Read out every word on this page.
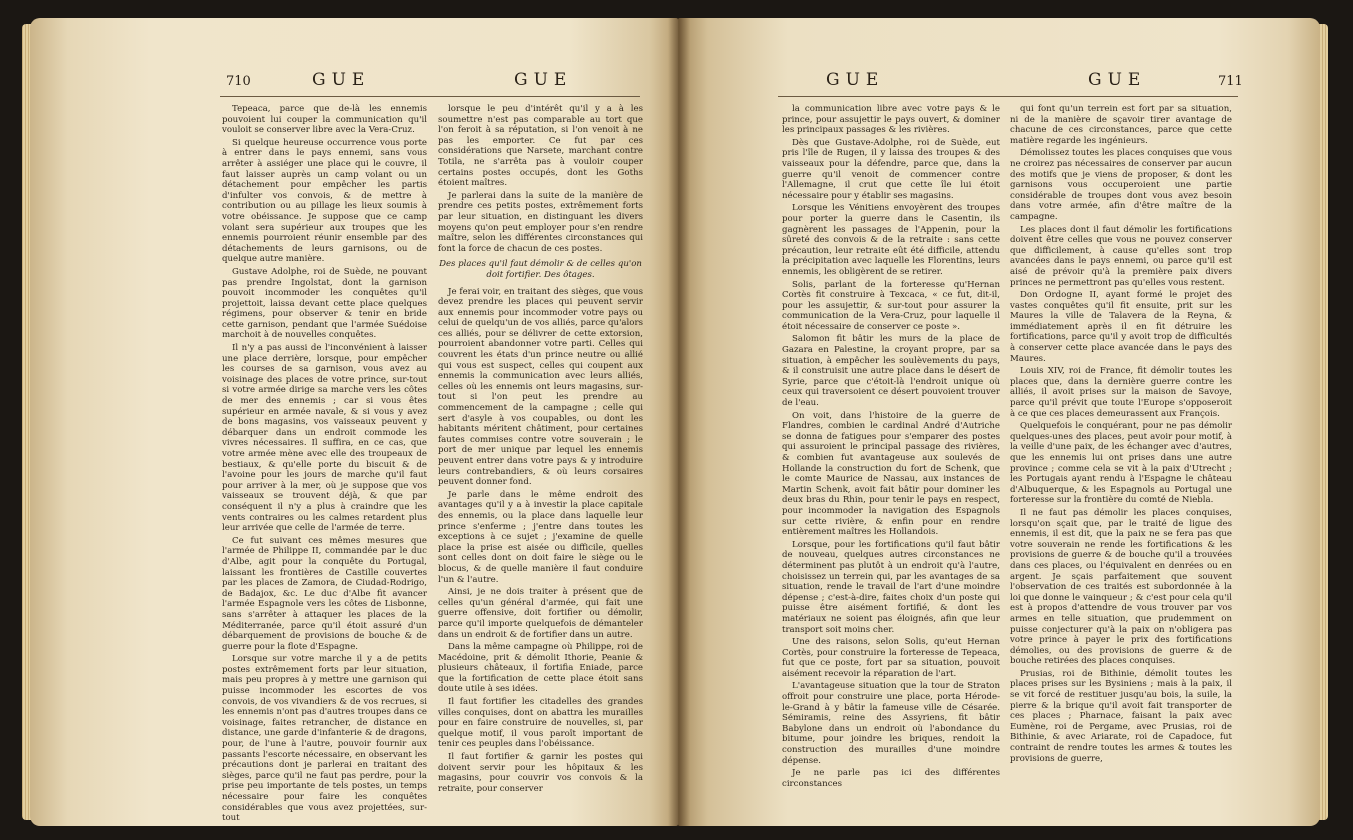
710	GUE	GUE

Tepeaca, parce que de-là les ennemis pouvoient lui couper la communication qu'il vouloit se conserver libre avec la Vera-Cruz.

Si quelque heureuse occurrence vous porte à entrer dans le pays ennemi, sans vous arrêter à assiéger une place qui le couvre, il faut laisser auprès un camp volant ou un détachement pour empêcher les partis d'infulter vos convois, & de mettre à contribution ou au pillage les lieux soumis à votre obéissance. Je suppose que ce camp volant sera supérieur aux troupes que les ennemis pourroient réunir ensemble par des détachements de leurs garnisons, ou de quelque autre manière.

Gustave Adolphe, roi de Suède, ne pouvant pas prendre Ingolstat, dont la garnison pouvoit incommoder les conquêtes qu'il projettoit, laissa devant cette place quelques régimens, pour observer & tenir en bride cette garnison, pendant que l'armée Suédoise marchoit à de nouvelles conquêtes.

Il n'y a pas aussi de l'inconvénient à laisser une place derrière, lorsque, pour empêcher les courses de sa garnison, vous avez au voisinage des places de votre prince, sur-tout si votre armée dirige sa marche vers les côtes de mer des ennemis ; car si vous êtes supérieur en armée navale, & si vous y avez de bons magasins, vos vaisseaux peuvent y débarquer dans un endroit commode les vivres nécessaires. Il suffira, en ce cas, que votre armée mène avec elle des troupeaux de bestiaux, & qu'elle porte du biscuit & de l'avoine pour les jours de marche qu'il faut pour arriver à la mer, où je suppose que vos vaisseaux se trouvent déjà, & que par conséquent il n'y a plus à craindre que les vents contraires ou les calmes retardent plus leur arrivée que celle de l'armée de terre.

Ce fut suivant ces mêmes mesures que l'armée de Philippe II, commandée par le duc d'Albe, agit pour la conquête du Portugal, laissant les frontières de Castille couvertes par les places de Zamora, de Ciudad-Rodrigo, de Badajox, &c. Le duc d'Albe fit avancer l'armée Espagnole vers les côtes de Lisbonne, sans s'arrêter à attaquer les places de la Méditerranée, parce qu'il étoit assuré d'un débarquement de provisions de bouche & de guerre pour la flote d'Espagne.

Lorsque sur votre marche il y a de petits postes extrêmement forts par leur situation, mais peu propres à y mettre une garnison qui puisse incommoder les escortes de vos convois, de vos vivandiers & de vos recrues, si les ennemis n'ont pas d'autres troupes dans ce voisinage, faites retrancher, de distance en distance, une garde d'infanterie & de dragons, pour, de l'une à l'autre, pouvoir fournir aux passants l'escorte nécessaire, en observant les précautions dont je parlerai en traitant des sièges, parce qu'il ne faut pas perdre, pour la prise peu importante de tels postes, un temps nécessaire pour faire les conquêtes considérables que vous avez projettées, sur-tout

lorsque le peu d'intérêt qu'il y a à les soumettre n'est pas comparable au tort que l'on feroit à sa réputation, si l'on venoit à ne pas les emporter. Ce fut par ces considérations que Narsete, marchant contre Totila, ne s'arrêta pas à vouloir couper certains postes occupés, dont les Goths étoient maîtres.

Je parlerai dans la suite de la manière de prendre ces petits postes, extrêmement forts par leur situation, en distinguant les divers moyens qu'on peut employer pour s'en rendre maître, selon les différentes circonstances qui font la force de chacun de ces postes.

Des places qu'il faut démolir & de celles qu'on doit fortifier. Des ôtages.

Je ferai voir, en traitant des sièges, que vous devez prendre les places qui peuvent servir aux ennemis pour incommoder votre pays ou celui de quelqu'un de vos alliés, parce qu'alors ces alliés, pour se délivrer de cette extorsion, pourroient abandonner votre parti. Celles qui couvrent les états d'un prince neutre ou allié qui vous est suspect, celles qui coupent aux ennemis la communication avec leurs alliés, celles où les ennemis ont leurs magasins, sur-tout si l'on peut les prendre au commencement de la campagne ; celle qui sert d'asyle à vos coupables, ou dont les habitants méritent châtiment, pour certaines fautes commises contre votre souverain ; le port de mer unique par lequel les ennemis peuvent entrer dans votre pays & y introduire leurs contrebandiers, & où leurs corsaires peuvent donner fond.

Je parle dans le même endroit des avantages qu'il y a à investir la place capitale des ennemis, ou la place dans laquelle leur prince s'enferme ; j'entre dans toutes les exceptions à ce sujet ; j'examine de quelle place la prise est aisée ou difficile, quelles sont celles dont on doit faire le siège ou le blocus, & de quelle manière il faut conduire l'un & l'autre.

Ainsi, je ne dois traiter à présent que de celles qu'un général d'armée, qui fait une guerre offensive, doit fortifier ou démolir, parce qu'il importe quelquefois de démanteler dans un endroit & de fortifier dans un autre.

Dans la même campagne où Philippe, roi de Macédoine, prit & démolit Ithorie, Peanie & plusieurs châteaux, il fortifia Eniade, parce que la fortification de cette place étoit sans doute utile à ses idées.

Il faut fortifier les citadelles des grandes villes conquises, dont on abattra les murailles pour en faire construire de nouvelles, si, par quelque motif, il vous paroît important de tenir ces peuples dans l'obéissance.

Il faut fortifier & garnir les postes qui doivent servir pour les hôpitaux & les magasins, pour couvrir vos convois & la retraite, pour conserver

GUE	GUE	711

la communication libre avec votre pays & le prince, pour assujettir le pays ouvert, & dominer les principaux passages & les rivières.

Dès que Gustave-Adolphe, roi de Suède, eut pris l'île de Rugen, il y laissa des troupes & des vaisseaux pour la défendre, parce que, dans la guerre qu'il venoit de commencer contre l'Allemagne, il crut que cette île lui étoit nécessaire pour y établir ses magasins.

Lorsque les Vénitiens envoyèrent des troupes pour porter la guerre dans le Casentin, ils gagnèrent les passages de l'Appenin, pour la sûreté des convois & de la retraite : sans cette précaution, leur retraite eût été difficile, attendu la précipitation avec laquelle les Florentins, leurs ennemis, les obligèrent de se retirer.

Solis, parlant de la forteresse qu'Hernan Cortès fit construire à Texcaca, « ce fut, dit-il, pour les assujettir, & sur-tout pour assurer la communication de la Vera-Cruz, pour laquelle il étoit nécessaire de conserver ce poste ».

Salomon fit bâtir les murs de la place de Gazara en Palestine, la croyant propre, par sa situation, à empêcher les soulèvements du pays, & il construisit une autre place dans le désert de Syrie, parce que c'étoit-là l'endroit unique où ceux qui traversoient ce désert pouvoient trouver de l'eau.

On voit, dans l'histoire de la guerre de Flandres, combien le cardinal André d'Autriche se donna de fatigues pour s'emparer des postes qui assuroient le principal passage des rivières, & combien fut avantageuse aux soulevés de Hollande la construction du fort de Schenk, que le comte Maurice de Nassau, aux instances de Martin Schenk, avoit fait bâtir pour dominer les deux bras du Rhin, pour tenir le pays en respect, pour incommoder la navigation des Espagnols sur cette rivière, & enfin pour en rendre entièrement maîtres les Hollandois.

Lorsque, pour les fortifications qu'il faut bâtir de nouveau, quelques autres circonstances ne déterminent pas plutôt à un endroit qu'à l'autre, choisissez un terrein qui, par les avantages de sa situation, rende le travail de l'art d'une moindre dépense ; c'est-à-dire, faites choix d'un poste qui puisse être aisément fortifié, & dont les matériaux ne soient pas éloignés, afin que leur transport soit moins cher.

Une des raisons, selon Solis, qu'eut Hernan Cortès, pour construire la forteresse de Tepeaca, fut que ce poste, fort par sa situation, pouvoit aisément recevoir la réparation de l'art.

L'avantageuse situation que la tour de Straton offroit pour construire une place, porta Hérode-le-Grand à y bâtir la fameuse ville de Césarée. Sémiramis, reine des Assyriens, fit bâtir Babylone dans un endroit où l'abondance du bitume, pour joindre les briques, rendoit la construction des murailles d'une moindre dépense.

Je ne parle pas ici des différentes circonstances

qui font qu'un terrein est fort par sa situation, ni de la manière de sçavoir tirer avantage de chacune de ces circonstances, parce que cette matière regarde les ingénieurs.

Démolissez toutes les places conquises que vous ne croirez pas nécessaires de conserver par aucun des motifs que je viens de proposer, & dont les garnisons vous occuperoient une partie considérable de troupes dont vous avez besoin dans votre armée, afin d'être maître de la campagne.

Les places dont il faut démolir les fortifications doivent être celles que vous ne pouvez conserver que difficilement, à cause qu'elles sont trop avancées dans le pays ennemi, ou parce qu'il est aisé de prévoir qu'à la première paix divers princes ne permettront pas qu'elles vous restent.

Don Ordogne II, ayant formé le projet des vastes conquêtes qu'il fit ensuite, prit sur les Maures la ville de Talavera de la Reyna, & immédiatement après il en fit détruire les fortifications, parce qu'il y avoit trop de difficultés à conserver cette place avancée dans le pays des Maures.

Louis XIV, roi de France, fit démolir toutes les places que, dans la dernière guerre contre les alliés, il avoit prises sur la maison de Savoye, parce qu'il prévit que toute l'Europe s'opposeroit à ce que ces places demeurassent aux François.

Quelquefois le conquérant, pour ne pas démolir quelques-unes des places, peut avoir pour motif, à la veille d'une paix, de les échanger avec d'autres, que les ennemis lui ont prises dans une autre province ; comme cela se vit à la paix d'Utrecht ; les Portugais ayant rendu à l'Espagne le château d'Albuquerque, & les Espagnols au Portugal une forteresse sur la frontière du comté de Niebla.

Il ne faut pas démolir les places conquises, lorsqu'on sçait que, par le traité de ligue des ennemis, il est dit, que la paix ne se fera pas que votre souverain ne rende les fortifications & les provisions de guerre & de bouche qu'il a trouvées dans ces places, ou l'équivalent en denrées ou en argent. Je sçais parfaitement que souvent l'observation de ces traités est subordonnée à la loi que donne le vainqueur ; & c'est pour cela qu'il est à propos d'attendre de vous trouver par vos armes en telle situation, que prudemment on puisse conjecturer qu'à la paix on n'obligera pas votre prince à payer le prix des fortifications démolies, ou des provisions de guerre & de bouche retirées des places conquises.

Prusias, roi de Bithinie, démolit toutes les places prises sur les Bysiniens ; mais à la paix, il se vit forcé de restituer jusqu'au bois, la suile, la pierre & la brique qu'il avoit fait transporter de ces places ; Pharnace, faisant la paix avec Eumène, roi de Pergame, avec Prusias, roi de Bithinie, & avec Ariarate, roi de Capadoce, fut contraint de rendre toutes les armes & toutes les provisions de guerre,
